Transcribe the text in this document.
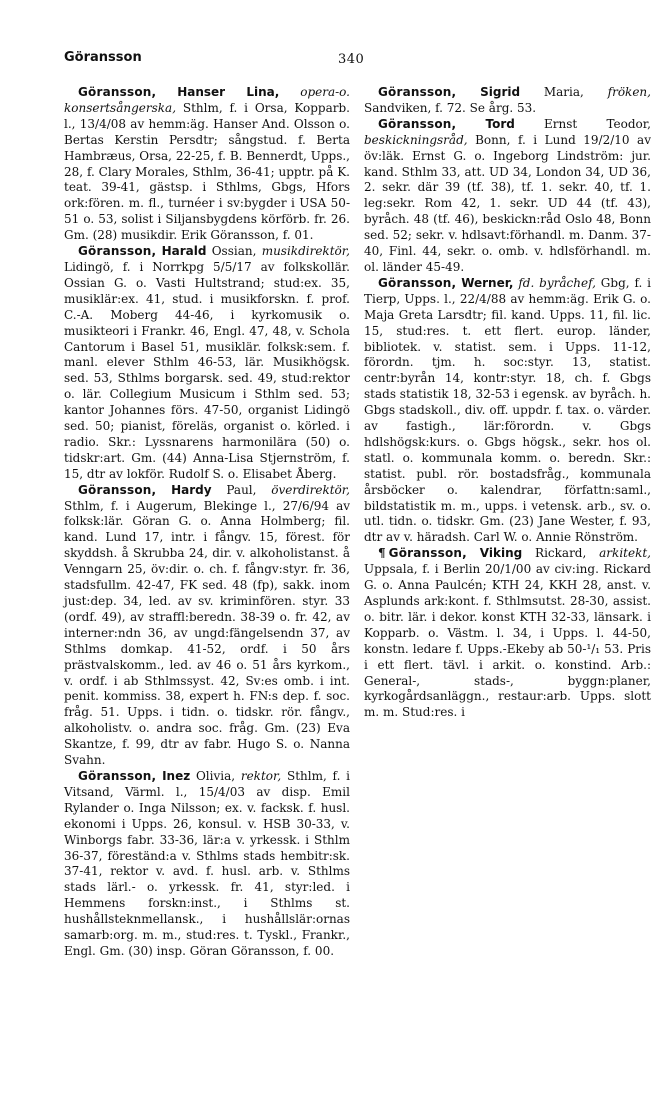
Göransson	340

Göransson, Hanser Lina, opera-o. konsertsångerska, Sthlm, f. i Orsa, Kopparb. l., 13/4/08 av hemm:äg. Hanser And. Olsson o. Bertas Kerstin Persdtr; sångstud. f. Berta Hambræus, Orsa, 22-25, f. B. Bennerdt, Upps., 28, f. Clary Morales, Sthlm, 36-41; upptr. på K. teat. 39-41, gästsp. i Sthlms, Gbgs, Hfors ork:fören. m. fl., turnéer i sv:bygder i USA 50-51 o. 53, solist i Siljansbygdens körförb. fr. 26. Gm. (28) musikdir. Erik Göransson, f. 01.

Göransson, Harald Ossian, musikdirektör, Lidingö, f. i Norrkpg 5/5/17 av folkskollär. Ossian G. o. Vasti Hultstrand; stud:ex. 35, musiklär:ex. 41, stud. i musikforskn. f. prof. C.-A. Moberg 44-46, i kyrkomusik o. musikteori i Frankr. 46, Engl. 47, 48, v. Schola Cantorum i Basel 51, musiklär. folksk:sem. f. manl. elever Sthlm 46-53, lär. Musikhögsk. sed. 53, Sthlms borgarsk. sed. 49, stud:rektor o. lär. Collegium Musicum i Sthlm sed. 53; kantor Johannes förs. 47-50, organist Lidingö sed. 50; pianist, föreläs, organist o. körled. i radio. Skr.: Lyssnarens harmonilära (50) o. tidskr:art. Gm. (44) Anna-Lisa Stjernström, f. 15, dtr av lokför. Rudolf S. o. Elisabet Åberg.

Göransson, Hardy Paul, överdirektör, Sthlm, f. i Augerum, Blekinge l., 27/6/94 av folksk:lär. Göran G. o. Anna Holmberg; fil. kand. Lund 17, intr. i fångv. 15, förest. för skyddsh. å Skrubba 24, dir. v. alkoholistanst. å Venngarn 25, öv:dir. o. ch. f. fångv:styr. fr. 36, stadsfullm. 42-47, FK sed. 48 (fp), sakk. inom just:dep. 34, led. av sv. kriminfören. styr. 33 (ordf. 49), av straffl:beredn. 38-39 o. fr. 42, av interner:ndn 36, av ungd:fängelsendn 37, av Sthlms domkap. 41-52, ordf. i 50 års prästvalskomm., led. av 46 o. 51 års kyrkom., v. ordf. i ab Sthlmssyst. 42, Sv:es omb. i int. penit. kommiss. 38, expert h. FN:s dep. f. soc. fråg. 51. Upps. i tidn. o. tidskr. rör. fångv., alkoholistv. o. andra soc. fråg. Gm. (23) Eva Skantze, f. 99, dtr av fabr. Hugo S. o. Nanna Svahn.

Göransson, Inez Olivia, rektor, Sthlm, f. i Vitsand, Värml. l., 15/4/03 av disp. Emil Rylander o. Inga Nilsson; ex. v. facksk. f. husl. ekonomi i Upps. 26, konsul. v. HSB 30-33, v. Winborgs fabr. 33-36, lär:a v. yrkessk. i Sthlm 36-37, föreständ:a v. Sthlms stads hembitr:sk. 37-41, rektor v. avd. f. husl. arb. v. Sthlms stads lärl.- o. yrkessk. fr. 41, styr:led. i Hemmens forskn:inst., i Sthlms st. hushållsteknmellansk., i hushållslär:ornas samarb:org. m. m., stud:res. t. Tyskl., Frankr., Engl. Gm. (30) insp. Göran Göransson, f. 00.

Göransson, Sigrid Maria, fröken, Sandviken, f. 72. Se årg. 53.

Göransson, Tord Ernst Teodor, beskickningsråd, Bonn, f. i Lund 19/2/10 av öv:läk. Ernst G. o. Ingeborg Lindström: jur. kand. Sthlm 33, att. UD 34, London 34, UD 36, 2. sekr. där 39 (tf. 38), tf. 1. sekr. 40, tf. 1. leg:sekr. Rom 42, 1. sekr. UD 44 (tf. 43), byråch. 48 (tf. 46), beskickn:råd Oslo 48, Bonn sed. 52; sekr. v. hdlsavt:förhandl. m. Danm. 37-40, Finl. 44, sekr. o. omb. v. hdlsförhandl. m. ol. länder 45-49.

Göransson, Werner, fd. byråchef, Gbg, f. i Tierp, Upps. l., 22/4/88 av hemm:äg. Erik G. o. Maja Greta Larsdtr; fil. kand. Upps. 11, fil. lic. 15, stud:res. t. ett flert. europ. länder, bibliotek. v. statist. sem. i Upps. 11-12, förordn. tjm. h. soc:styr. 13, statist. centr:byrån 14, kontr:styr. 18, ch. f. Gbgs stads statistik 18, 32-53 i egensk. av byråch. h. Gbgs stadskoll., div. off. uppdr. f. tax. o. värder. av fastigh., lär:förordn. v. Gbgs hdlshögsk:kurs. o. Gbgs högsk., sekr. hos ol. statl. o. kommunala komm. o. beredn. Skr.: statist. publ. rör. bostadsfråg., kommunala årsböcker o. kalendrar, författn:saml., bildstatistik m. m., upps. i vetensk. arb., sv. o. utl. tidn. o. tidskr. Gm. (23) Jane Wester, f. 93, dtr av v. häradsh. Carl W. o. Annie Rönström.

¶ Göransson, Viking Rickard, arkitekt, Uppsala, f. i Berlin 20/1/00 av civ:ing. Rickard G. o. Anna Paulcén; KTH 24, KKH 28, anst. v. Asplunds ark:kont. f. Sthlmsutst. 28-30, assist. o. bitr. lär. i dekor. konst KTH 32-33, länsark. i Kopparb. o. Västm. l. 34, i Upps. l. 44-50, konstn. ledare f. Upps.-Ekeby ab 50-¹/₁ 53. Pris i ett flert. tävl. i arkit. o. konstind. Arb.: General-, stads-, byggn:planer, kyrkogårdsanläggn., restaur:arb. Upps. slott m. m. Stud:res. i
